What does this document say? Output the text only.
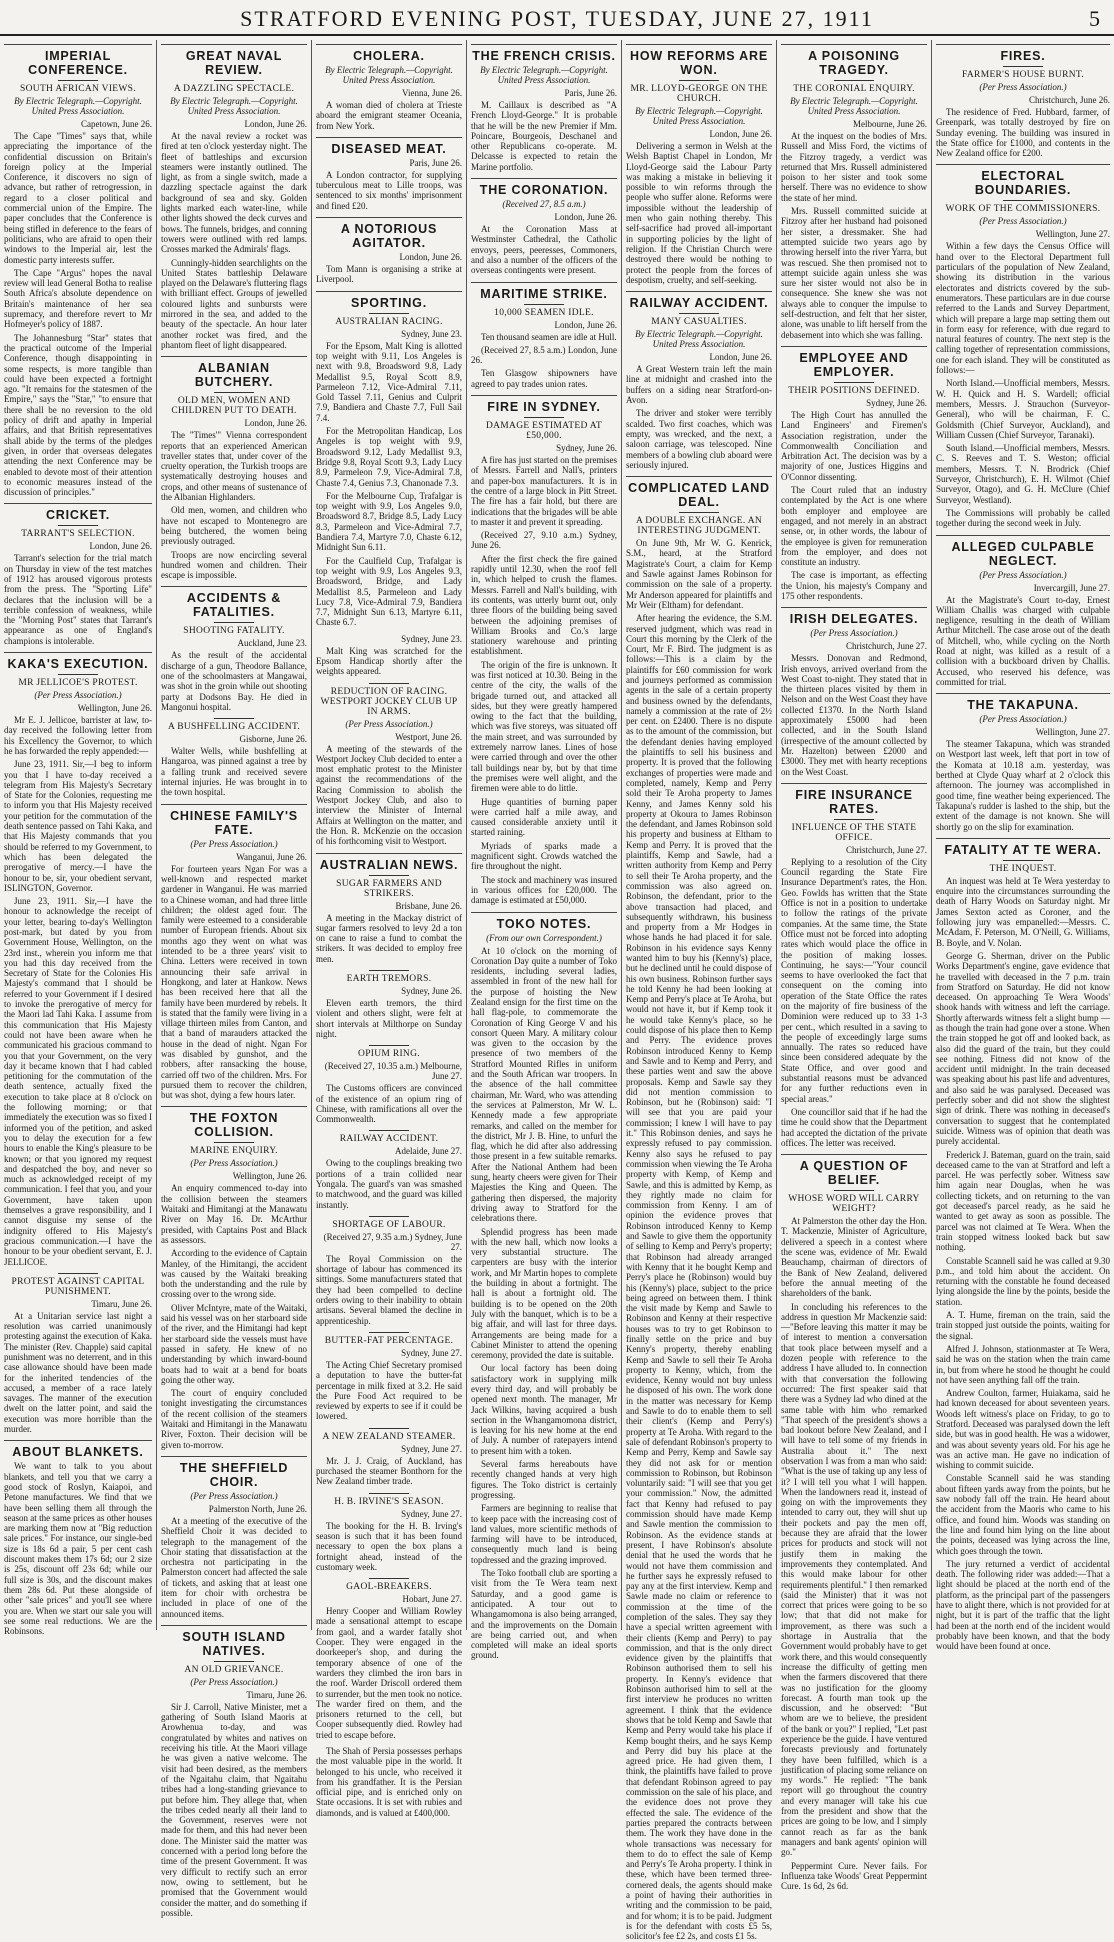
STRATFORD EVENING POST, TUESDAY, JUNE 27, 1911	5
IMPERIAL CONFERENCE.
SOUTH AFRICAN VIEWS.
By Electric Telegraph.—Copyright. United Press Association.
Capetown, June 26.

The Cape "Times" says that, while appreciating the importance of the confidential discussion on Britain's foreign policy at the Imperial Conference, it discovers no sign of advance, but rather of retrogression, in regard to a closer political and commercial union of the Empire. The paper concludes that the Conference is being stifled in deference to the fears of politicians, who are afraid to open their windows to the Imperial air, lest the domestic party interests suffer.

The Cape "Argus" hopes the naval review will lead General Botha to realise South Africa's absolute dependence on Britain's maintenance of her sea supremacy, and therefore revert to Mr Hofmeyer's policy of 1887.

The Johannesburg "Star" states that the practical outcome of the Imperial Conference, though disappointing in some respects, is more tangible than could have been expected a fortnight ago. "It remains for the statesmen of the Empire," says the "Star," "to ensure that there shall be no reversion to the old policy of drift and apathy in Imperial affairs, and that British representatives shall abide by the terms of the pledges given, in order that overseas delegates attending the next Conference may be enabled to devote most of their attention to economic measures instead of the discussion of principles."

CRICKET.
TARRANT'S SELECTION.
London, June 26.

Tarrant's selection for the trial match on Thursday in view of the test matches of 1912 has aroused vigorous protests from the press. The "Sporting Life" declares that the inclusion will be a terrible confession of weakness, while the "Morning Post" states that Tarrant's appearance as one of England's champions is intolerable.

KAKA'S EXECUTION.
MR JELLICOE'S PROTEST.
(Per Press Association.)
Wellington, June 26.

Mr E. J. Jellicoe, barrister at law, to-day received the following letter from his Excellency the Governor, to which he has forwarded the reply appended:—

June 23, 1911. Sir,—I beg to inform you that I have to-day received a telegram from His Majesty's Secretary of State for the Colonies, requesting me to inform you that His Majesty received your petition for the commutation of the death sentence passed on Tahi Kaka, and that His Majesty commands that you should be referred to my Government, to which has been delegated the prerogative of mercy.—I have the honour to be, sir, your obedient servant, ISLINGTON, Governor.

June 23, 1911. Sir,—I have the honour to acknowledge the receipt of your letter, bearing to-day's Wellington post-mark, but dated by you from Government House, Wellington, on the 23rd inst., wherein you inform me that you had this day received from the Secretary of State for the Colonies His Majesty's command that I should be referred to your Government if I desired to invoke the prerogative of mercy for the Maori lad Tahi Kaka. I assume from this communication that His Majesty could not have been aware when he communicated his gracious command to you that your Government, on the very day it became known that I had cabled petitioning for the commutation of the death sentence, actually fixed the execution to take place at 8 o'clock on the following morning; or that immediately the execution was so fixed I informed you of the petition, and asked you to delay the execution for a few hours to enable the King's pleasure to be known; or that you ignored my request and despatched the boy, and never so much as acknowledged receipt of my communication. I feel that you, and your Government, have taken upon themselves a grave responsibility, and I cannot disguise my sense of the indignity offered to His Majesty's gracious communication.—I have the honour to be your obedient servant, E. J. JELLICOE.

PROTEST AGAINST CAPITAL PUNISHMENT.
Timaru, June 26.

At a Unitarian service last night a resolution was carried unanimously protesting against the execution of Kaka. The minister (Rev. Chapple) said capital punishment was no deterrent, and in this case allowance should have been made for the inherited tendencies of the accused, a member of a race lately savages. The manner of the execution dwelt on the latter point, and said the execution was more horrible than the murder.

ABOUT BLANKETS.

We want to talk to you about blankets, and tell you that we carry a good stock of Roslyn, Kaiapoi, and Petone manufactures. We find that we have been selling them all through the season at the same prices as other houses are marking them now at "Big reduction sale prices." For instance, our single-bed size is 18s 6d a pair, 5 per cent cash discount makes them 17s 6d; our 2 size is 25s, discount off 23s 6d; while our full size is 30s, and the discount makes them 28s 6d. Put these alongside of other "sale prices" and you'll see where you are. When we start our sale you will see some real reductions. We are the Robinsons.

GREAT NAVAL REVIEW.
A DAZZLING SPECTACLE.
By Electric Telegraph.—Copyright. United Press Association.
London, June 26.

At the naval review a rocket was fired at ten o'clock yesterday night. The fleet of battleships and excursion steamers were instantly outlined. The light, as from a single switch, made a dazzling spectacle against the dark background of sea and sky. Golden lights marked each water-line, while other lights showed the deck curves and bows. The funnels, bridges, and conning towers were outlined with red lamps. Crosses marked the Admirals' flags.

Cunningly-hidden searchlights on the United States battleship Delaware played on the Delaware's fluttering flags with brilliant effect. Groups of jewelled coloured lights and sunbursts were mirrored in the sea, and added to the beauty of the spectacle. An hour later another rocket was fired, and the phantom fleet of light disappeared.

ALBANIAN BUTCHERY.
OLD MEN, WOMEN AND CHILDREN PUT TO DEATH.
London, June 26.

The "Times'" Vienna correspondent reports that an experienced American traveller states that, under cover of the cruelty operation, the Turkish troops are systematically destroying houses and crops, and other means of sustenance of the Albanian Highlanders.

Old men, women, and children who have not escaped to Montenegro are being butchered, the women being previously outraged.

Troops are now encircling several hundred women and children. Their escape is impossible.

ACCIDENTS & FATALITIES.
SHOOTING FATALITY.
Auckland, June 23.

As the result of the accidental discharge of a gun, Theodore Ballance, one of the schoolmasters at Mangawai, was shot in the groin while out shooting party at Dodsons Bay. He died in Mangonui hospital.

A BUSHFELLING ACCIDENT.
Gisborne, June 26.

Walter Wells, while bushfelling at Hangaroa, was pinned against a tree by a falling trunk and received severe internal injuries. He was brought in to the town hospital.

CHINESE FAMILY'S FATE.
(Per Press Association.)
Wanganui, June 26.

For fourteen years Ngan For was a well-known and respected market gardener in Wanganui. He was married to a Chinese woman, and had three little children; the oldest aged four. The family were esteemed to a considerable number of European friends. About six months ago they went on what was intended to be a three years' visit to China. Letters were received in town announcing their safe arrival in Hongkong, and later at Hankow. News has been received here that all the family have been murdered by rebels. It is stated that the family were living in a village thirteen miles from Canton, and that a band of marauders attacked the house in the dead of night. Ngan For was disabled by gunshot, and the robbers, after ransacking the house, carried off two of the children. Mrs. For pursued them to recover the children, but was shot, dying a few hours later.

THE FOXTON COLLISION.
MARINE ENQUIRY.
(Per Press Association.)
Wellington, June 26.

An enquiry commenced to-day into the collision between the steamers Waitaki and Himitangi at the Manawatu River on May 16. Dr. McArthur presided, with Captains Post and Black as assessors.

According to the evidence of Captain Manley, of the Himitangi, the accident was caused by the Waitaki breaking both the understanding and the rule by crossing over to the wrong side.

Oliver McIntyre, mate of the Waitaki, said his vessel was on her starboard side of the river, and the Himitangi had kept her starboard side the vessels must have passed in safety. He knew of no understanding by which inward-bound boats had to wait at a bend for boats going the other way.

The court of enquiry concluded tonight investigating the circumstances of the recent collision of the steamers Waitaki and Himitangi in the Manawatu River, Foxton. Their decision will be given to-morrow.

THE SHEFFIELD CHOIR.
(Per Press Association.)
Palmerston North, June 26.

At a meeting of the executive of the Sheffield Choir it was decided to telegraph to the management of the Choir stating that dissatisfaction at the orchestra not participating in the Palmerston concert had affected the sale of tickets, and asking that at least one item for choir with orchestra be included in place of one of the announced items.

SOUTH ISLAND NATIVES.
AN OLD GRIEVANCE.
(Per Press Association.)
Timaru, June 26.

Sir J. Carroll, Native Minister, met a gathering of South Island Maoris at Arowhenua to-day, and was congratulated by whites and natives on receiving his title. At the Maori village he was given a native welcome. The visit had been desired, as the members of the Ngaitahu claim, that Ngaitahu tribes had a long-standing grievance to put before him. They allege that, when the tribes ceded nearly all their land to the Government, reserves were not made for them, and this had never been done. The Minister said the matter was concerned with a period long before the time of the present Government. It was very difficult to rectify such an error now, owing to settlement, but he promised that the Government would consider the matter, and do something if possible.

CHOLERA.
By Electric Telegraph.—Copyright. United Press Association.
Vienna, June 26.

A woman died of cholera at Trieste aboard the emigrant steamer Oceania, from New York.

DISEASED MEAT.
Paris, June 26.

A London contractor, for supplying tuberculous meat to Lille troops, was sentenced to six months' imprisonment and fined £20.

A NOTORIOUS AGITATOR.
London, June 26.

Tom Mann is organising a strike at Liverpool.

SPORTING.
AUSTRALIAN RACING.
Sydney, June 23.

For the Epsom, Malt King is allotted top weight with 9.11, Los Angeles is next with 9.8, Broadsword 9.8, Lady Medallist 9.5, Royal Scott 8.9, Parmeleon 7.12, Vice-Admiral 7.11, Gold Tassel 7.11, Genius and Culprit 7.9, Bandiera and Chaste 7.7, Full Sail 7.4.

For the Metropolitan Handicap, Los Angeles is top weight with 9.9, Broadsword 9.12, Lady Medallist 9.3, Bridge 9.8, Royal Scott 9.3, Lady Lucy 8.9, Parmeleon 7.9, Vice-Admiral 7.8, Chaste 7.4, Genius 7.3, Chanonade 7.3.

For the Melbourne Cup, Trafalgar is top weight with 9.9, Los Angeles 9.0, Broadsword 8.7, Bridge 8.5, Lady Lucy 8.3, Parmeleon and Vice-Admiral 7.7, Bandiera 7.4, Martyre 7.0, Chaste 6.12, Midnight Sun 6.11.

For the Caulfield Cup, Trafalgar is top weight with 9.9, Los Angeles 9.3, Broadsword, Bridge, and Lady Medallist 8.5, Parmeleon and Lady Lucy 7.8, Vice-Admiral 7.9, Bandiera 7.7, Midnight Sun 6.13, Martyre 6.11, Chaste 6.7.

Sydney, June 23.

Malt King was scratched for the Epsom Handicap shortly after the weights appeared.

REDUCTION OF RACING. WESTPORT JOCKEY CLUB UP IN ARMS.
(Per Press Association.)
Westport, June 26.

A meeting of the stewards of the Westport Jockey Club decided to enter a most emphatic protest to the Minister against the recommendations of the Racing Commission to abolish the Westport Jockey Club, and also to interview the Minister of Internal Affairs at Wellington on the matter, and the Hon. R. McKenzie on the occasion of his forthcoming visit to Westport.

AUSTRALIAN NEWS.
SUGAR FARMERS AND STRIKERS.
Brisbane, June 26.

A meeting in the Mackay district of sugar farmers resolved to levy 2d a ton on cane to raise a fund to combat the strikers. It was decided to employ free men.

EARTH TREMORS.
Sydney, June 26.

Eleven earth tremors, the third violent and others slight, were felt at short intervals at Milthorpe on Sunday night.

OPIUM RING.
(Received 27, 10.35 a.m.) Melbourne, June 27.

The Customs officers are convinced of the existence of an opium ring of Chinese, with ramifications all over the Commonwealth.

RAILWAY ACCIDENT.
Adelaide, June 27.

Owing to the couplings breaking two portions of a train collided near Yongala. The guard's van was smashed to matchwood, and the guard was killed instantly.

SHORTAGE OF LABOUR.
(Received 27, 9.35 a.m.) Sydney, June 27.

The Royal Commission on the shortage of labour has commenced its sittings. Some manufacturers stated that they had been compelled to decline orders owing to their inability to obtain artisans. Several blamed the decline in apprenticeship.

BUTTER-FAT PERCENTAGE.
Sydney, June 27.

The Acting Chief Secretary promised a deputation to have the butter-fat percentage in milk fixed at 3.2. He said the Pure Food Act required to be reviewed by experts to see if it could be lowered.

A NEW ZEALAND STEAMER.
Sydney, June 27.

Mr. J. J. Craig, of Auckland, has purchased the steamer Bonthorn for the New Zealand timber trade.

H. B. IRVINE'S SEASON.
Sydney, June 27.

The booking for the H. B. Irving's season is such that it has been found necessary to open the box plans a fortnight ahead, instead of the customary week.

GAOL-BREAKERS.
Hobart, June 27.

Henry Cooper and William Rowley made a sensational attempt to escape from gaol, and a warder fatally shot Cooper. They were engaged in the doorkeeper's shop, and during the temporary absence of one of the warders they climbed the iron bars in the roof. Warder Driscoll ordered them to surrender, but the men took no notice. The warder fired on them, and the prisoners returned to the cell, but Cooper subsequently died. Rowley had tried to escape before.

The Shah of Persia possesses perhaps the most valuable pipe in the world. It belonged to his uncle, who received it from his grandfather. It is the Persian official pipe, and is enriched only on State occasions. It is set with rubies and diamonds, and is valued at £400,000.

THE FRENCH CRISIS.
By Electric Telegraph.—Copyright. United Press Association.
Paris, June 26.

M. Caillaux is described as "A French Lloyd-George." It is probable that he will be the new Premier if Mm. Poincare, Bourgeois, Deschanel and other Republicans co-operate. M. Delcasse is expected to retain the Marine portfolio.

THE CORONATION.
(Received 27, 8.5 a.m.)
London, June 26.

At the Coronation Mass at Westminster Cathedral, the Catholic envoys, peers, peeresses, Commoners, and also a number of the officers of the overseas contingents were present.

MARITIME STRIKE.
10,000 SEAMEN IDLE.
London, June 26.

Ten thousand seamen are idle at Hull.

(Received 27, 8.5 a.m.) London, June 26.

Ten Glasgow shipowners have agreed to pay trades union rates.

FIRE IN SYDNEY.
DAMAGE ESTIMATED AT £50,000.
Sydney, June 26.

A fire has just started on the premises of Messrs. Farrell and Nall's, printers and paper-box manufacturers. It is in the centre of a large block in Pitt Street. The fire has a fair hold, but there are indications that the brigades will be able to master it and prevent it spreading.

(Received 27, 9.10 a.m.) Sydney, June 26.

After the first check the fire gained rapidly until 12.30, when the roof fell in, which helped to crush the flames. Messrs. Farrell and Nall's building, with its contents, was utterly burnt out, only three floors of the building being saved between the adjoining premises of William Brooks and Co.'s large stationery warehouse and printing establishment.

The origin of the fire is unknown. It was first noticed at 10.30. Being in the centre of the city, the walls of the brigade turned out, and attacked all sides, but they were greatly hampered owing to the fact that the building, which was five storeys, was situated off the main street, and was surrounded by extremely narrow lanes. Lines of hose were carried through and over the other tall buildings near by, but by that time the premises were well alight, and the firemen were able to do little.

Huge quantities of burning paper were carried half a mile away, and caused considerable anxiety until it started raining.

Myriads of sparks made a magnificent sight. Crowds watched the fire throughout the night.

The stock and machinery was insured in various offices for £20,000. The damage is estimated at £50,000.

TOKO NOTES.
(From our own Correspondent.)

At 10 o'clock on the morning of Coronation Day quite a number of Toko residents, including several ladies, assembled in front of the new hall for the purpose of hoisting the New Zealand ensign for the first time on the hall flag-pole, to commemorate the Coronation of King George V and his consort Queen Mary. A military colour was given to the occasion by the presence of two members of the Stratford Mounted Rifles in uniform and the South African war troopers. In the absence of the hall committee chairman, Mr. Ward, who was attending the services at Palmerston, Mr W. L. Kennedy made a few appropriate remarks, and called on the member for the district, Mr J. B. Hine, to unfurl the flag, which he did after also addressing those present in a few suitable remarks. After the National Anthem had been sung, hearty cheers were given for Their Majesties the King and Queen. The gathering then dispersed, the majority driving away to Stratford for the celebrations there.

Splendid progress has been made with the new hall, which now looks a very substantial structure. The carpenters are busy with the interior work, and Mr Martin hopes to complete the building in about a fortnight. The hall is about a fortnight old. The building is to be opened on the 20th July with the banquet, which is to be a big affair, and will last for three days. Arrangements are being made for a Cabinet Minister to attend the opening ceremony, provided the date is suitable.

Our local factory has been doing satisfactory work in supplying milk every third day, and will probably be opened next month. The manager, Mr Jack Wilkins, having acquired a bush section in the Whangamomona district, is leaving for his new home at the end of July. A number of ratepayers intend to present him with a token.

Several farms hereabouts have recently changed hands at very high figures. The Toko district is certainly progressing.

Farmers are beginning to realise that to keep pace with the increasing cost of land values, more scientific methods of farming will have to be introduced, consequently much land is being topdressed and the grazing improved.

The Toko football club are sporting a visit from the Te Wera team next Saturday, and a good game is anticipated. A tour out to Whangamomona is also being arranged, and the improvements on the Domain are being carried out, and when completed will make an ideal sports ground.

HOW REFORMS ARE WON.
MR. LLOYD-GEORGE ON THE CHURCH.
By Electric Telegraph.—Copyright. United Press Association.
London, June 26.

Delivering a sermon in Welsh at the Welsh Baptist Chapel in London, Mr Lloyd-George said the Labour Party was making a mistake in believing it possible to win reforms through the people who suffer alone. Reforms were impossible without the leadership of men who gain nothing thereby. This self-sacrifice had proved all-important in supporting policies by the light of religion. If the Christian Church were destroyed there would be nothing to protect the people from the forces of despotism, cruelty, and self-seeking.

RAILWAY ACCIDENT.
MANY CASUALTIES.
By Electric Telegraph.—Copyright. United Press Association.
London, June 26.

A Great Western train left the main line at midnight and crashed into the buffers on a siding near Stratford-on-Avon.

The driver and stoker were terribly scalded. Two first coaches, which was empty, was wrecked, and the next, a saloon carriage, was telescoped. Nine members of a bowling club aboard were seriously injured.

COMPLICATED LAND DEAL.
A DOUBLE EXCHANGE. AN INTERESTING JUDGMENT.

On June 9th, Mr W. G. Kenrick, S.M., heard, at the Stratford Magistrate's Court, a claim for Kemp and Sawle against James Robinson for commission on the sale of a property. Mr Anderson appeared for plaintiffs and Mr Weir (Eltham) for defendant.

After hearing the evidence, the S.M. reserved judgment, which was read in Court this morning by the Clerk of the Court, Mr F. Bird. The judgment is as follows:—This is a claim by the plaintiffs for £60 commission for work and journeys performed as commission agents in the sale of a certain property and business owned by the defendants, namely a commission at the rate of 2½ per cent. on £2400. There is no dispute as to the amount of the commission, but the defendant denies having employed the plaintiffs to sell his business and property. It is proved that the following exchanges of properties were made and completed, namely, Kemp and Perry sold their Te Aroha property to James Kenny, and James Kenny sold his property at Okoura to James Robinson the defendant, and James Robinson sold his property and business at Eltham to Kemp and Perry. It is proved that the plaintiffs, Kemp and Sawle, had a written authority from Kemp and Perry to sell their Te Aroha property, and the commission was also agreed on. Robinson, the defendant, prior to the above transaction had placed, and subsequently withdrawn, his business and property from a Mr Hodges in whose hands he had placed it for sale. Robinson in his evidence says Kenny wanted him to buy his (Kenny's) place, but he declined until he could dispose of his own business. Robinson further says he told Kenny he had been looking at Kemp and Perry's place at Te Aroha, but would not have it, but if Kemp took it he would take Kenny's place, so he could dispose of his place then to Kemp and Perry. The evidence proves Robinson introduced Kenny to Kemp and Sawle and to Kemp and Perry, and these parties went and saw the above proposals. Kemp and Sawle say they did not mention commission to Robinson, but he (Robinson) said: "I will see that you are paid your commission; I knew I will have to pay it." This Robinson denies, and says he expressly refused to pay commission. Kenny also says he refused to pay commission when viewing the Te Aroha property with Kemp, of Kemp and Sawle, and this is admitted by Kemp, as they rightly made no claim for commission from Kenny. I am of opinion the evidence proves that Robinson introduced Kenny to Kemp and Sawle to give them the opportunity of selling to Kemp and Perry's property; that Robinson had already arranged with Kenny that it he bought Kemp and Perry's place he (Robinson) would buy his (Kenny's) place, subject to the price being agreed on between them. I think the visit made by Kemp and Sawle to Robinson and Kenny at their respective houses was to try to get Robinson to finally settle on the price and buy Kenny's property, thereby enabling Kemp and Sawle to sell their Te Aroha property to Kenny, which, from the evidence, Kenny would not buy unless he disposed of his own. The work done in the matter was necessary for Kemp and Sawle to do to enable them to sell their client's (Kemp and Perry's) property at Te Aroha. With regard to the sale of defendant Robinson's property to Kemp and Perry, Kemp and Sawle say they did not ask for or mention commission to Robinson, but Robinson voluntarily said: "I will see that you get your commission." Now, the admitted fact that Kenny had refused to pay commission should have made Kemp and Sawle mention the commission to Robinson. As the evidence stands at present, I have Robinson's absolute denial that he used the words that he would not have them commission and he further says he expressly refused to pay any at the first interview. Kemp and Sawle made no claim or reference to commission at the time of the completion of the sales. They say they have a special written agreement with their clients (Kemp and Perry) to pay commission, and that is the only direct evidence given by the plaintiffs that Robinson authorised them to sell his property. In Kenny's evidence that Robinson authorised him to sell at the first interview he produces no written agreement. I think that the evidence shows that he told Kemp and Sawle that Kemp and Perry would take his place if Kemp bought theirs, and he says Kemp and Perry did buy his place at the agreed price. He had given them, I think, the plaintiffs have failed to prove that defendant Robinson agreed to pay commission on the sale of his place, and the evidence does not prove they effected the sale. The evidence of the parties prepared the contracts between them. The work they have done in the whole transactions was necessary for them to do to effect the sale of Kemp and Perry's Te Aroha property. I think in these, which have been termed three-cornered deals, the agents should make a point of having their authorities in writing and the commission to be paid, and for whom; it is to be paid. Judgment is for the defendant with costs £5 5s, solicitor's fee £2 2s, and costs £1 5s.

A POISONING TRAGEDY.
THE CORONIAL ENQUIRY.
By Electric Telegraph.—Copyright. United Press Association.
Melbourne, June 26.

At the inquest on the bodies of Mrs. Russell and Miss Ford, the victims of the Fitzroy tragedy, a verdict was returned that Mrs. Russell administered poison to her sister and took some herself. There was no evidence to show the state of her mind.

Mrs. Russell committed suicide at Fitzroy after her husband had poisoned her sister, a dressmaker. She had attempted suicide two years ago by throwing herself into the river Yarra, but was rescued. She then promised not to attempt suicide again unless she was sure her sister would not also be in consequence. She knew she was not always able to conquer the impulse to self-destruction, and felt that her sister, alone, was unable to lift herself from the debasement into which she was falling.

EMPLOYEE AND EMPLOYER.
THEIR POSITIONS DEFINED.
Sydney, June 26.

The High Court has annulled the Land Engineers' and Firemen's Association registration, under the Commonwealth Conciliation and Arbitration Act. The decision was by a majority of one, Justices Higgins and O'Connor dissenting.

The Court ruled that an industry contemplated by the Act is one where both employer and employee are engaged, and not merely in an abstract sense, or, in other words, the labour of the employee is given for remuneration from the employer, and does not constitute an industry.

The case is important, as effecting the Union, his majesty's Company and 175 other respondents.

IRISH DELEGATES.
(Per Press Association.)
Christchurch, June 27.

Messrs. Donovan and Redmond, Irish envoys, arrived overland from the West Coast to-night. They stated that in the thirteen places visited by them in Nelson and on the West Coast they have collected £1370. In the North Island approximately £5000 had been collected, and in the South Island (irrespective of the amount collected by Mr. Hazelton) between £2000 and £3000. They met with hearty receptions on the West Coast.

FIRE INSURANCE RATES.
INFLUENCE OF THE STATE OFFICE.
Christchurch, June 27.

Replying to a resolution of the City Council regarding the State Fire Insurance Department's rates, the Hon. Geo. Fowlds has written that the State Office is not in a position to undertake to follow the ratings of the private companies. At the same time, the State Office must not be forced into adopting rates which would place the office in the position of making losses. Continuing, he says:—"Your council seems to have overlooked the fact that consequent on the coming into operation of the State Office the rates on the majority of fire business of the Dominion were reduced up to 33 1-3 per cent., which resulted in a saving to the people of exceedingly large sums annually. The rates so reduced have since been considered adequate by the State Office, and over good and substantial reasons must be advanced for any further reductions even in special areas."

One councillor said that if he had the time he could show that the Department had accepted the dictation of the private offices. The letter was received.

A QUESTION OF BELIEF.
WHOSE WORD WILL CARRY WEIGHT?

At Palmerston the other day the Hon. T. Mackenzie, Minister of Agriculture, delivered a speech in a contest where the scene was, evidence of Mr. Ewald Beauchamp, chairman of directors of the Bank of New Zealand, delivered before the annual meeting of the shareholders of the bank.

In concluding his references to the address in question Mr Mackenzie said:—"Before leaving this matter it may be of interest to mention a conversation that took place between myself and a dozen people with reference to the address I have alluded to. In connection with that conversation the following occurred: The first speaker said that there was a Sydney lad who dined at the same table with him who remarked "That speech of the president's shows a bad lookout before New Zealand, and I will have to tell some of my friends in Australia about it." The next observation I was from a man who said: "What is the use of taking up any less of it? I will tell you what I will happen. When the landowners read it, instead of going on with the improvements they intended to carry out, they will shut up their pockets and pay the men off, because they are afraid that the lower prices for products and stock will not justify them in making the improvements they contemplated. And this would make labour for other requirements plentiful." I then remarked (said the Minister) that it was not correct that prices were going to be so low; that that did not make for improvement, as there was such a shortage in Australia that the Government would probably have to get work there, and this would consequently increase the difficulty of getting men when the farmers discovered that there was no justification for the gloomy forecast. A fourth man took up the discussion, and he observed: "But whom are we to believe, the president of the bank or you?" I replied, "Let past experience be the guide. I have ventured forecasts previously and fortunately they have been fulfilled, which is a justification of placing some reliance on my words." He replied: "The bank report will go throughout the country and every manager will take his cue from the president and show that the prices are going to be low, and I simply cannot reach as far as the bank managers and bank agents' opinion will go."

Peppermint Cure. Never fails. For Influenza take Woods' Great Peppermint Cure. 1s 6d, 2s 6d.

FIRES.
FARMER'S HOUSE BURNT.
(Per Press Association.)
Christchurch, June 26.

The residence of Fred. Hubbard, farmer, of Greenpark, was totally destroyed by fire on Sunday evening. The building was insured in the State office for £1000, and contents in the New Zealand office for £200.

ELECTORAL BOUNDARIES.
WORK OF THE COMMISSIONERS.
(Per Press Association.)
Wellington, June 27.

Within a few days the Census Office will hand over to the Electoral Department full particulars of the population of New Zealand, showing its distribution in the various electorates and districts covered by the sub-enumerators. These particulars are in due course referred to the Lands and Survey Department, which will prepare a large map setting them out in form easy for reference, with due regard to natural features of country. The next step is the calling together of representation commissions, one for each island. They will be constituted as follows:—

North Island.—Unofficial members, Messrs. W. H. Quick and H. S. Wardell; official members, Messrs. J. Strauchon (Surveyor-General), who will be chairman, F. C. Goldsmith (Chief Surveyor, Auckland), and William Cussen (Chief Surveyor, Taranaki).

South Island.—Unofficial members, Messrs. C. S. Reeves and T. S. Weston; official members, Messrs. T. N. Brodrick (Chief Surveyor, Christchurch), E. H. Wilmot (Chief Surveyor, Otago), and G. H. McClure (Chief Surveyor, Westland).

The Commissions will probably be called together during the second week in July.

ALLEGED CULPABLE NEGLECT.
(Per Press Association.)
Invercargill, June 27.

At the Magistrate's Court to-day, Ernest William Challis was charged with culpable negligence, resulting in the death of William Arthur Mitchell. The case arose out of the death of Mitchell, who, while cycling on the North Road at night, was killed as a result of a collision with a buckboard driven by Challis. Accused, who reserved his defence, was committed for trial.

THE TAKAPUNA.
(Per Press Association.)
Wellington, June 27.

The steamer Takapuna, which was stranded on Westport last week, left that port in tow of the Komata at 10.18 a.m. yesterday, was berthed at Clyde Quay wharf at 2 o'clock this afternoon. The journey was accomplished in good time, fine weather being experienced. The Takapuna's rudder is lashed to the ship, but the extent of the damage is not known. She will shortly go on the slip for examination.

FATALITY AT TE WERA.
THE INQUEST.

An inquest was held at Te Wera yesterday to enquire into the circumstances surrounding the death of Harry Woods on Saturday night. Mr James Sexton acted as Coroner, and the following jury was empanelled:—Messrs. C. McAdam, F. Peterson, M. O'Neill, G. Williams, B. Boyle, and V. Nolan.

George G. Sherman, driver on the Public Works Department's engine, gave evidence that he travelled with deceased in the 7 p.m. train from Stratford on Saturday. He did not know deceased. On approaching Te Wera Woods' shook hands with witness and left the carriage. Shortly afterwards witness felt a slight bump —as though the train had gone over a stone. When the train stopped he got off and looked back, as also did the guard of the train, but they could see nothing. Fitness did not know of the accident until midnight. In the train deceased was speaking about his past life and adventures, and also said he was paralysed. Deceased was perfectly sober and did not show the slightest sign of drink. There was nothing in deceased's conversation to suggest that he contemplated suicide. Witness was of opinion that death was purely accidental.

Frederick J. Bateman, guard on the train, said deceased came to the van at Stratford and left a parcel. He was perfectly sober. Witness saw him again near Douglas, when he was collecting tickets, and on returning to the van got deceased's parcel ready, as he said he wanted to get away as soon as possible. The parcel was not claimed at Te Wera. When the train stopped witness looked back but saw nothing.

Constable Scannell said he was called at 9.30 p.m., and told him about the accident. On returning with the constable he found deceased lying alongside the line by the points, beside the station.

A. T. Hume, fireman on the train, said the train stopped just outside the points, waiting for the signal.

Alfred J. Johnson, stationmaster at Te Wera, said he was on the station when the train came in, but from where he stood he thought he could not have seen anything fall off the train.

Andrew Coulton, farmer, Huiakama, said he had known deceased for about seventeen years. Woods left witness's place on Friday, to go to Stratford. Deceased was paralysed down the left side, but was in good health. He was a widower, and was about seventy years old. For his age he was an active man. He gave no indication of wishing to commit suicide.

Constable Scannell said he was standing about fifteen yards away from the points, but he saw nobody fall off the train. He heard about the accident from the Maoris who came to his office, and found him. Woods was standing on the line and found him lying on the line about the points, deceased was lying across the line, which goes through the town.

The jury returned a verdict of accidental death. The following rider was added:—That a light should be placed at the north end of the platform, as the principal part of the passengers have to alight there, which is not provided for at night, but it is part of the traffic that the light had been at the north end of the incident would probably have been known, and that the body would have been found at once.
